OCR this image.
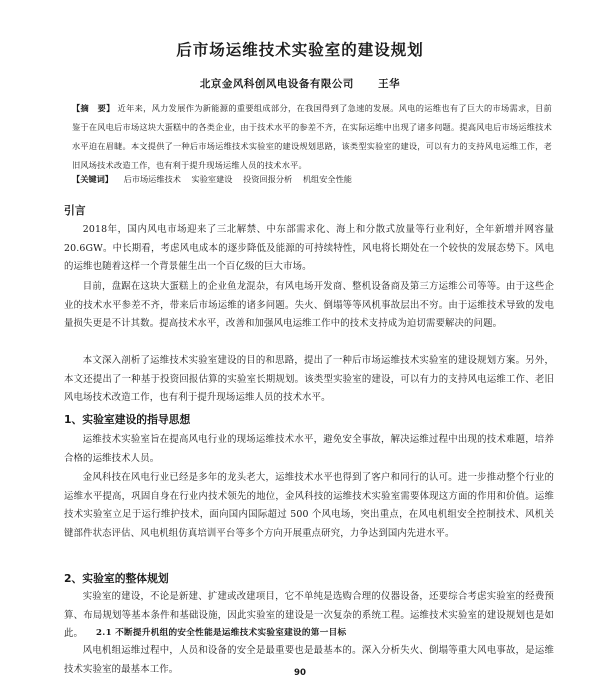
后市场运维技术实验室的建设规划
北京金风科创风电设备有限公司 王华
【摘　要】 近年来，风力发展作为新能源的重要组成部分，在我国得到了急速的发展。风电的运维也有了巨大的市场需求，目前鉴于在风电后市场这块大蛋糕中的各类企业，由于技术水平的参差不齐，在实际运维中出现了诸多问题。提高风电后市场运维技术水平迫在眉睫。本文提供了一种后市场运维技术实验室的建设规划思路，该类型实验室的建设，可以有力的支持风电运维工作，老旧风场技术改造工作，也有利于提升现场运维人员的技术水平。
【关键词】 后市场运维技术 实验室建设 投资回报分析 机组安全性能
引言
2018年，国内风电市场迎来了三北解禁、中东部需求化、海上和分散式放量等行业利好，全年新增并网容量 20.6GW。中长期看，考虑风电成本的逐步降低及能源的可持续特性，风电将长期处在一个较快的发展态势下。风电的运维也随着这样一个背景催生出一个百亿级的巨大市场。
目前，盘踞在这块大蛋糕上的企业鱼龙混杂，有风电场开发商、整机设备商及第三方运维公司等等。由于这些企业的技术水平参差不齐，带来后市场运维的诸多问题。失火、倒塌等等风机事故层出不穷。由于运维技术导致的发电量损失更是不计其数。提高技术水平，改善和加强风电运维工作中的技术支持成为迫切需要解决的问题。
本文深入剖析了运维技术实验室建设的目的和思路，提出了一种后市场运维技术实验室的建设规划方案。另外，本文还提出了一种基于投资回报估算的实验室长期规划。该类型实验室的建设，可以有力的支持风电运维工作、老旧风电场技术改造工作，也有利于提升现场运维人员的技术水平。
1、实验室建设的指导思想
运维技术实验室旨在提高风电行业的现场运维技术水平，避免安全事故，解决运维过程中出现的技术难题，培养合格的运维技术人员。
金风科技在风电行业已经是多年的龙头老大，运维技术水平也得到了客户和同行的认可。进一步推动整个行业的运维水平提高，巩固自身在行业内技术领先的地位，金风科技的运维技术实验室需要体现这方面的作用和价值。运维技术实验室立足于运行维护技术，面向国内国际超过 500 个风电场，突出重点，在风电机组安全控制技术、风机关键部件状态评估、风电机组仿真培训平台等多个方向开展重点研究，力争达到国内先进水平。
2、实验室的整体规划
实验室的建设，不论是新建、扩建或改建项目，它不单纯是选购合理的仪器设备，还要综合考虑实验室的经费预算、布局规划等基本条件和基础设施，因此实验室的建设是一次复杂的系统工程。运维技术实验室的建设规划也是如此。	2.1 不断提升机组的安全性能是运维技术实验室建设的第一目标
风电机组运维过程中，人员和设备的安全是最重要也是最基本的。深入分析失火、倒塌等重大风电事故，是运维技术实验室的最基本工作。	90
